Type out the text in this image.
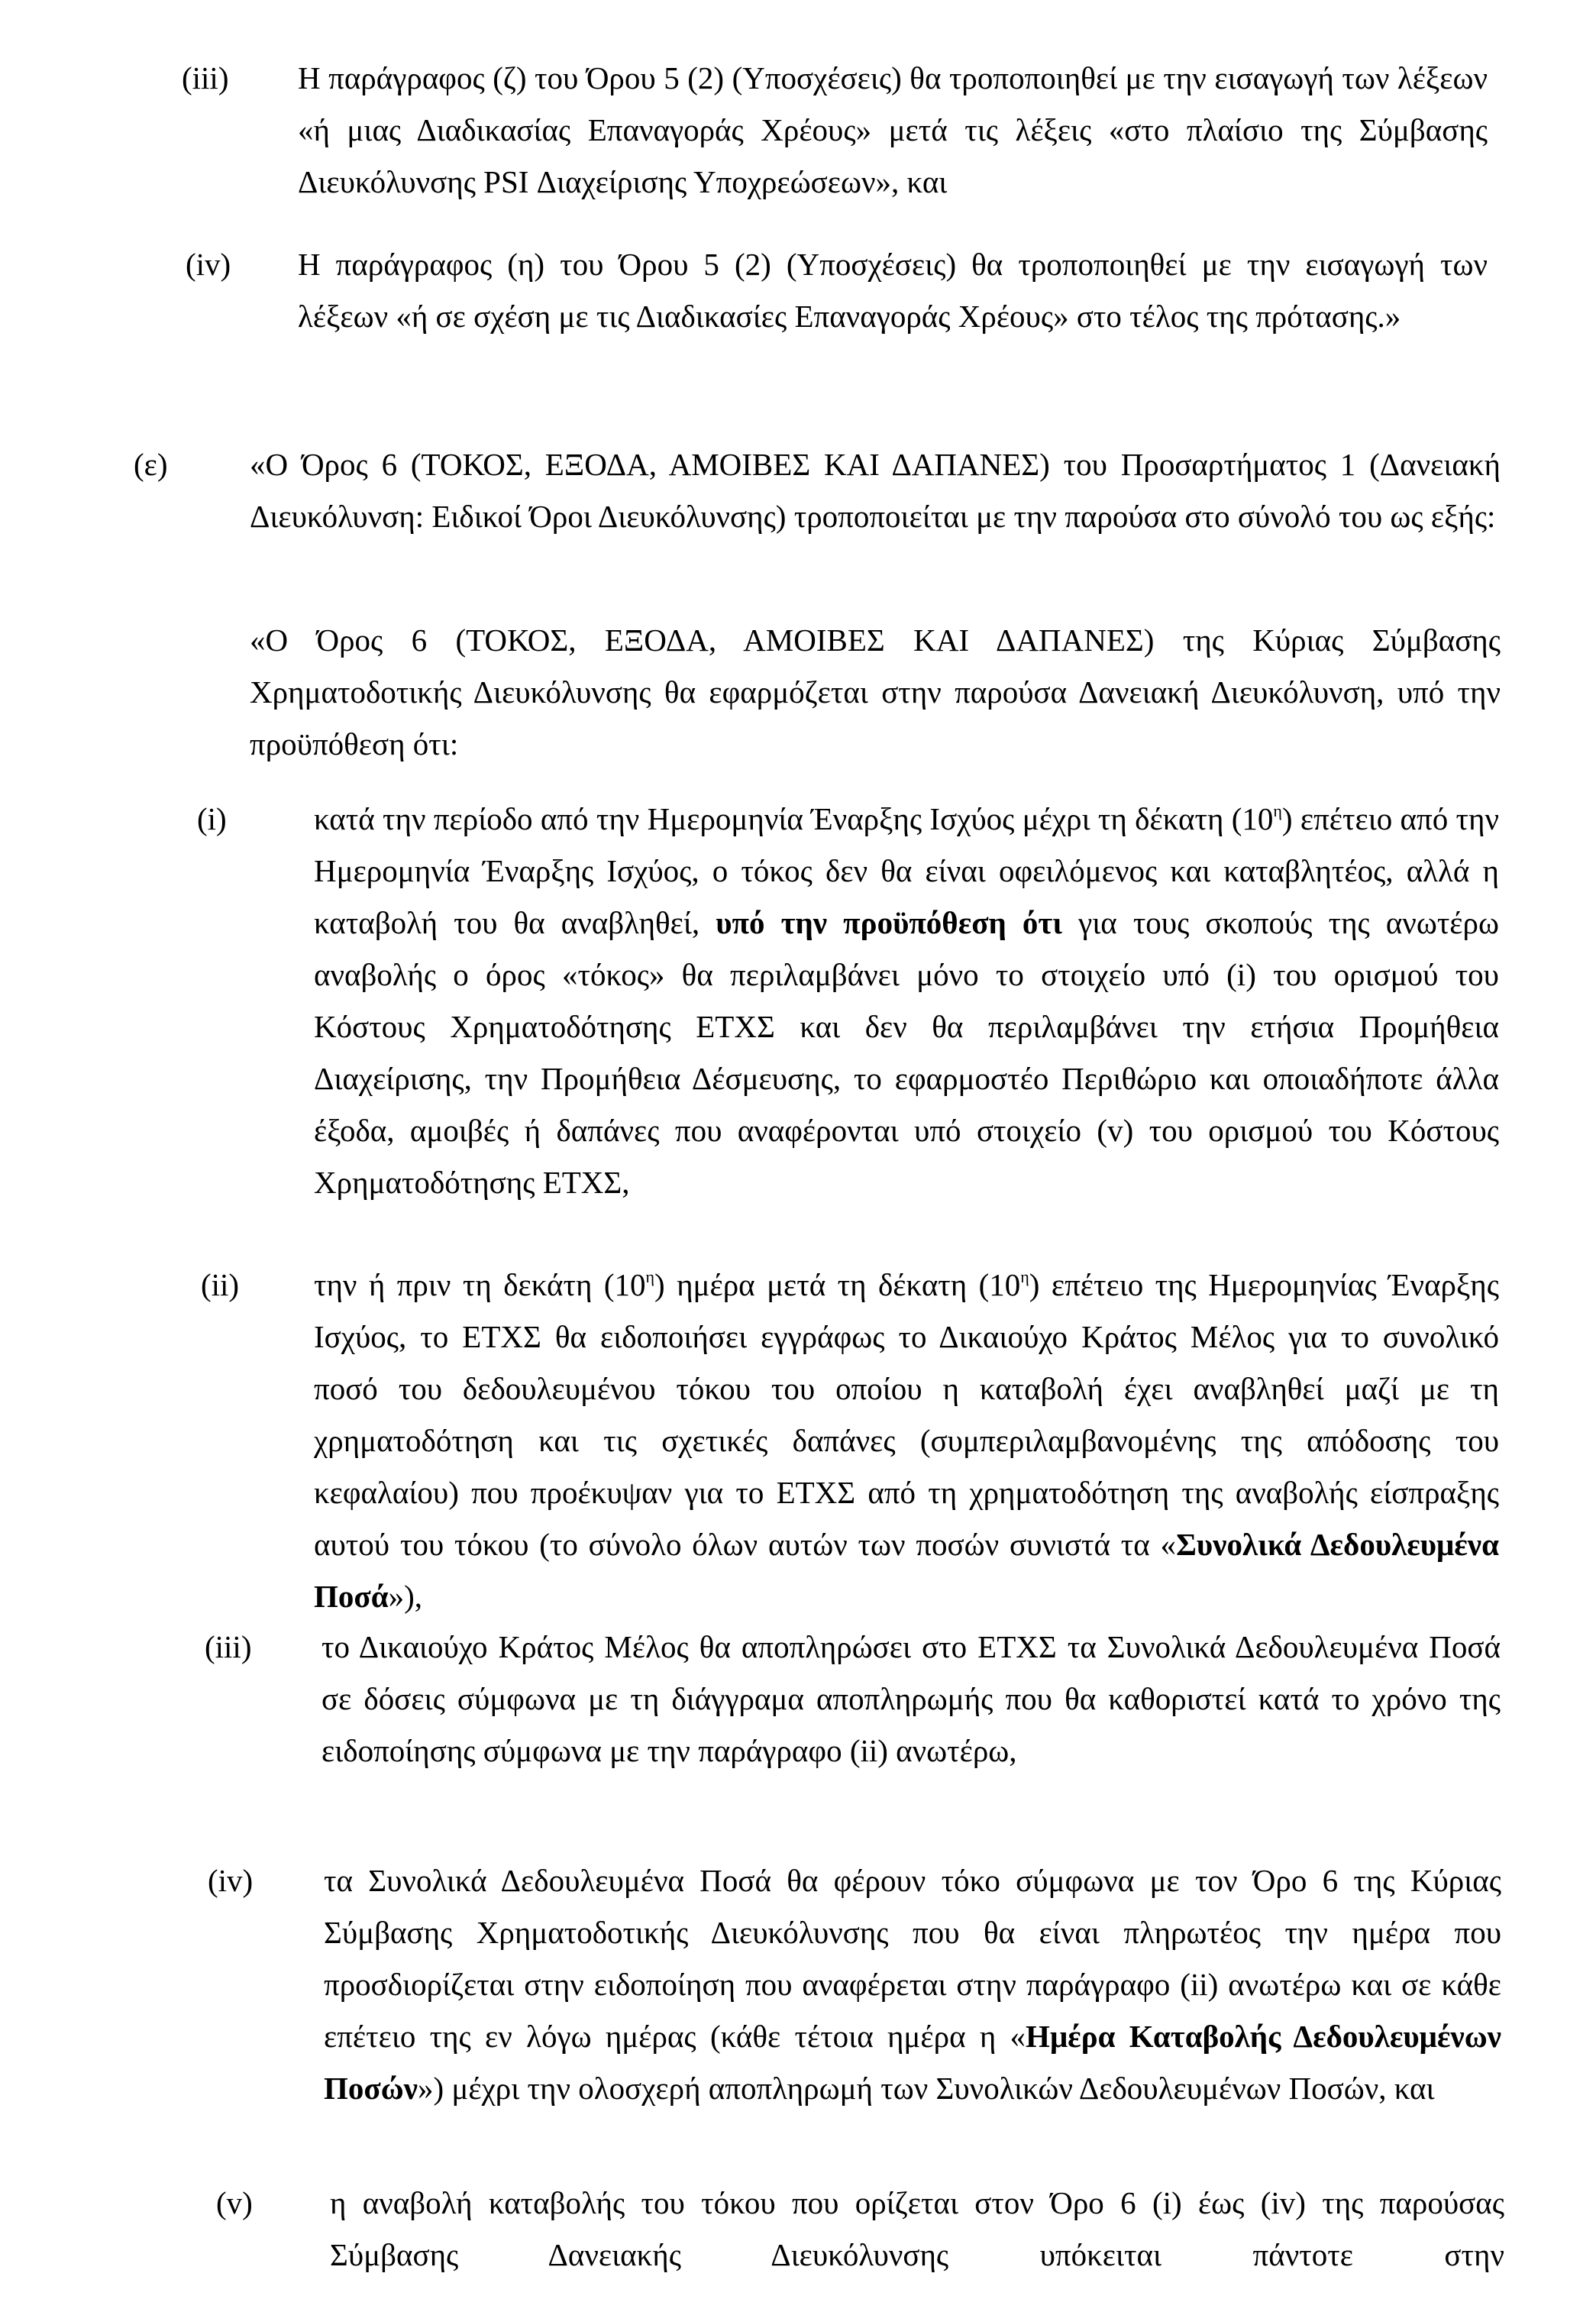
(iii) Η παράγραφος (ζ) του Όρου 5 (2) (Υποσχέσεις) θα τροποποιηθεί με την εισαγωγή των λέξεων «ή μιας Διαδικασίας Επαναγοράς Χρέους» μετά τις λέξεις «στο πλαίσιο της Σύμβασης Διευκόλυνσης PSI Διαχείρισης Υποχρεώσεων», και
(iv) Η παράγραφος (η) του Όρου 5 (2) (Υποσχέσεις) θα τροποποιηθεί με την εισαγωγή των λέξεων «ή σε σχέση με τις Διαδικασίες Επαναγοράς Χρέους» στο τέλος της πρότασης.»
(ε)	«Ο Όρος 6 (ΤΟΚΟΣ, ΕΞΟΔΑ, ΑΜΟΙΒΕΣ ΚΑΙ ΔΑΠΑΝΕΣ) του Προσαρτήματος 1 (Δανειακή Διευκόλυνση: Ειδικοί Όροι Διευκόλυνσης) τροποποιείται με την παρούσα στο σύνολό του ως εξής:
«Ο Όρος 6 (ΤΟΚΟΣ, ΕΞΟΔΑ, ΑΜΟΙΒΕΣ ΚΑΙ ΔΑΠΑΝΕΣ) της Κύριας Σύμβασης Χρηματοδοτικής Διευκόλυνσης θα εφαρμόζεται στην παρούσα Δανειακή Διευκόλυνση, υπό την προϋπόθεση ότι:
(i)	κατά την περίοδο από την Ημερομηνία Έναρξης Ισχύος μέχρι τη δέκατη $(10^\eta)$ επέτειο από την Ημερομηνία Έναρξης Ισχύος, ο τόκος δεν θα είναι οφειλόμενος και καταβλητέος, αλλά η καταβολή του θα αναβληθεί, υπό την προϋπόθεση ότι για τους σκοπούς της ανωτέρω αναβολής ο όρος «τόκος» θα περιλαμβάνει μόνο το στοιχείο υπό (i) του ορισμού του Κόστους Χρηματοδότησης ΕΤΧΣ και δεν θα περιλαμβάνει την ετήσια Προμήθεια Διαχείρισης, την Προμήθεια Δέσμευσης, το εφαρμοστέο Περιθώριο και οποιαδήποτε άλλα έξοδα, αμοιβές ή δαπάνες που αναφέρονται υπό στοιχείο (v) του ορισμού του Κόστους Χρηματοδότησης ΕΤΧΣ,
(ii) την ή πριν τη δεκάτη $(10^\eta)$ ημέρα μετά τη δέκατη $(10^\eta)$ επέτειο της Ημερομηνίας Έναρξης Ισχύος, το ΕΤΧΣ θα ειδοποιήσει εγγράφως το Δικαιούχο Κράτος Μέλος για το συνολικό ποσό του δεδουλευμένου τόκου του οποίου η καταβολή έχει αναβληθεί μαζί με τη χρηματοδότηση και τις σχετικές δαπάνες (συμπεριλαμβανομένης της απόδοσης του κεφαλαίου) που προέκυψαν για το ΕΤΧΣ από τη χρηματοδότηση της αναβολής είσπραξης αυτού του τόκου (το σύνολο όλων αυτών των ποσών συνιστά τα «Συνολικά Δεδουλευμένα Ποσά»),
(iii) το Δικαιούχο Κράτος Μέλος θα αποπληρώσει στο ΕΤΧΣ τα Συνολικά Δεδουλευμένα Ποσά σε δόσεις σύμφωνα με τη διάγγραμα αποπληρωμής που θα καθοριστεί κατά το χρόνο της ειδοποίησης σύμφωνα με την παράγραφο (ii) ανωτέρω,
(iv) τα Συνολικά Δεδουλευμένα Ποσά θα φέρουν τόκο σύμφωνα με τον Όρο 6 της Κύριας Σύμβασης Χρηματοδοτικής Διευκόλυνσης που θα είναι πληρωτέος την ημέρα που προσδιορίζεται στην ειδοποίηση που αναφέρεται στην παράγραφο (ii) ανωτέρω και σε κάθε επέτειο της εν λόγω ημέρας (κάθε τέτοια ημέρα η «Ημέρα Καταβολής Δεδουλευμένων Ποσών») μέχρι την ολοσχερή αποπληρωμή των Συνολικών Δεδουλευμένων Ποσών, και
(v) η αναβολή καταβολής του τόκου που ορίζεται στον Όρο 6 (i) έως (iv) της παρούσας Σύμβασης Δανειακής Διευκόλυνσης υπόκειται πάντοτε στην
